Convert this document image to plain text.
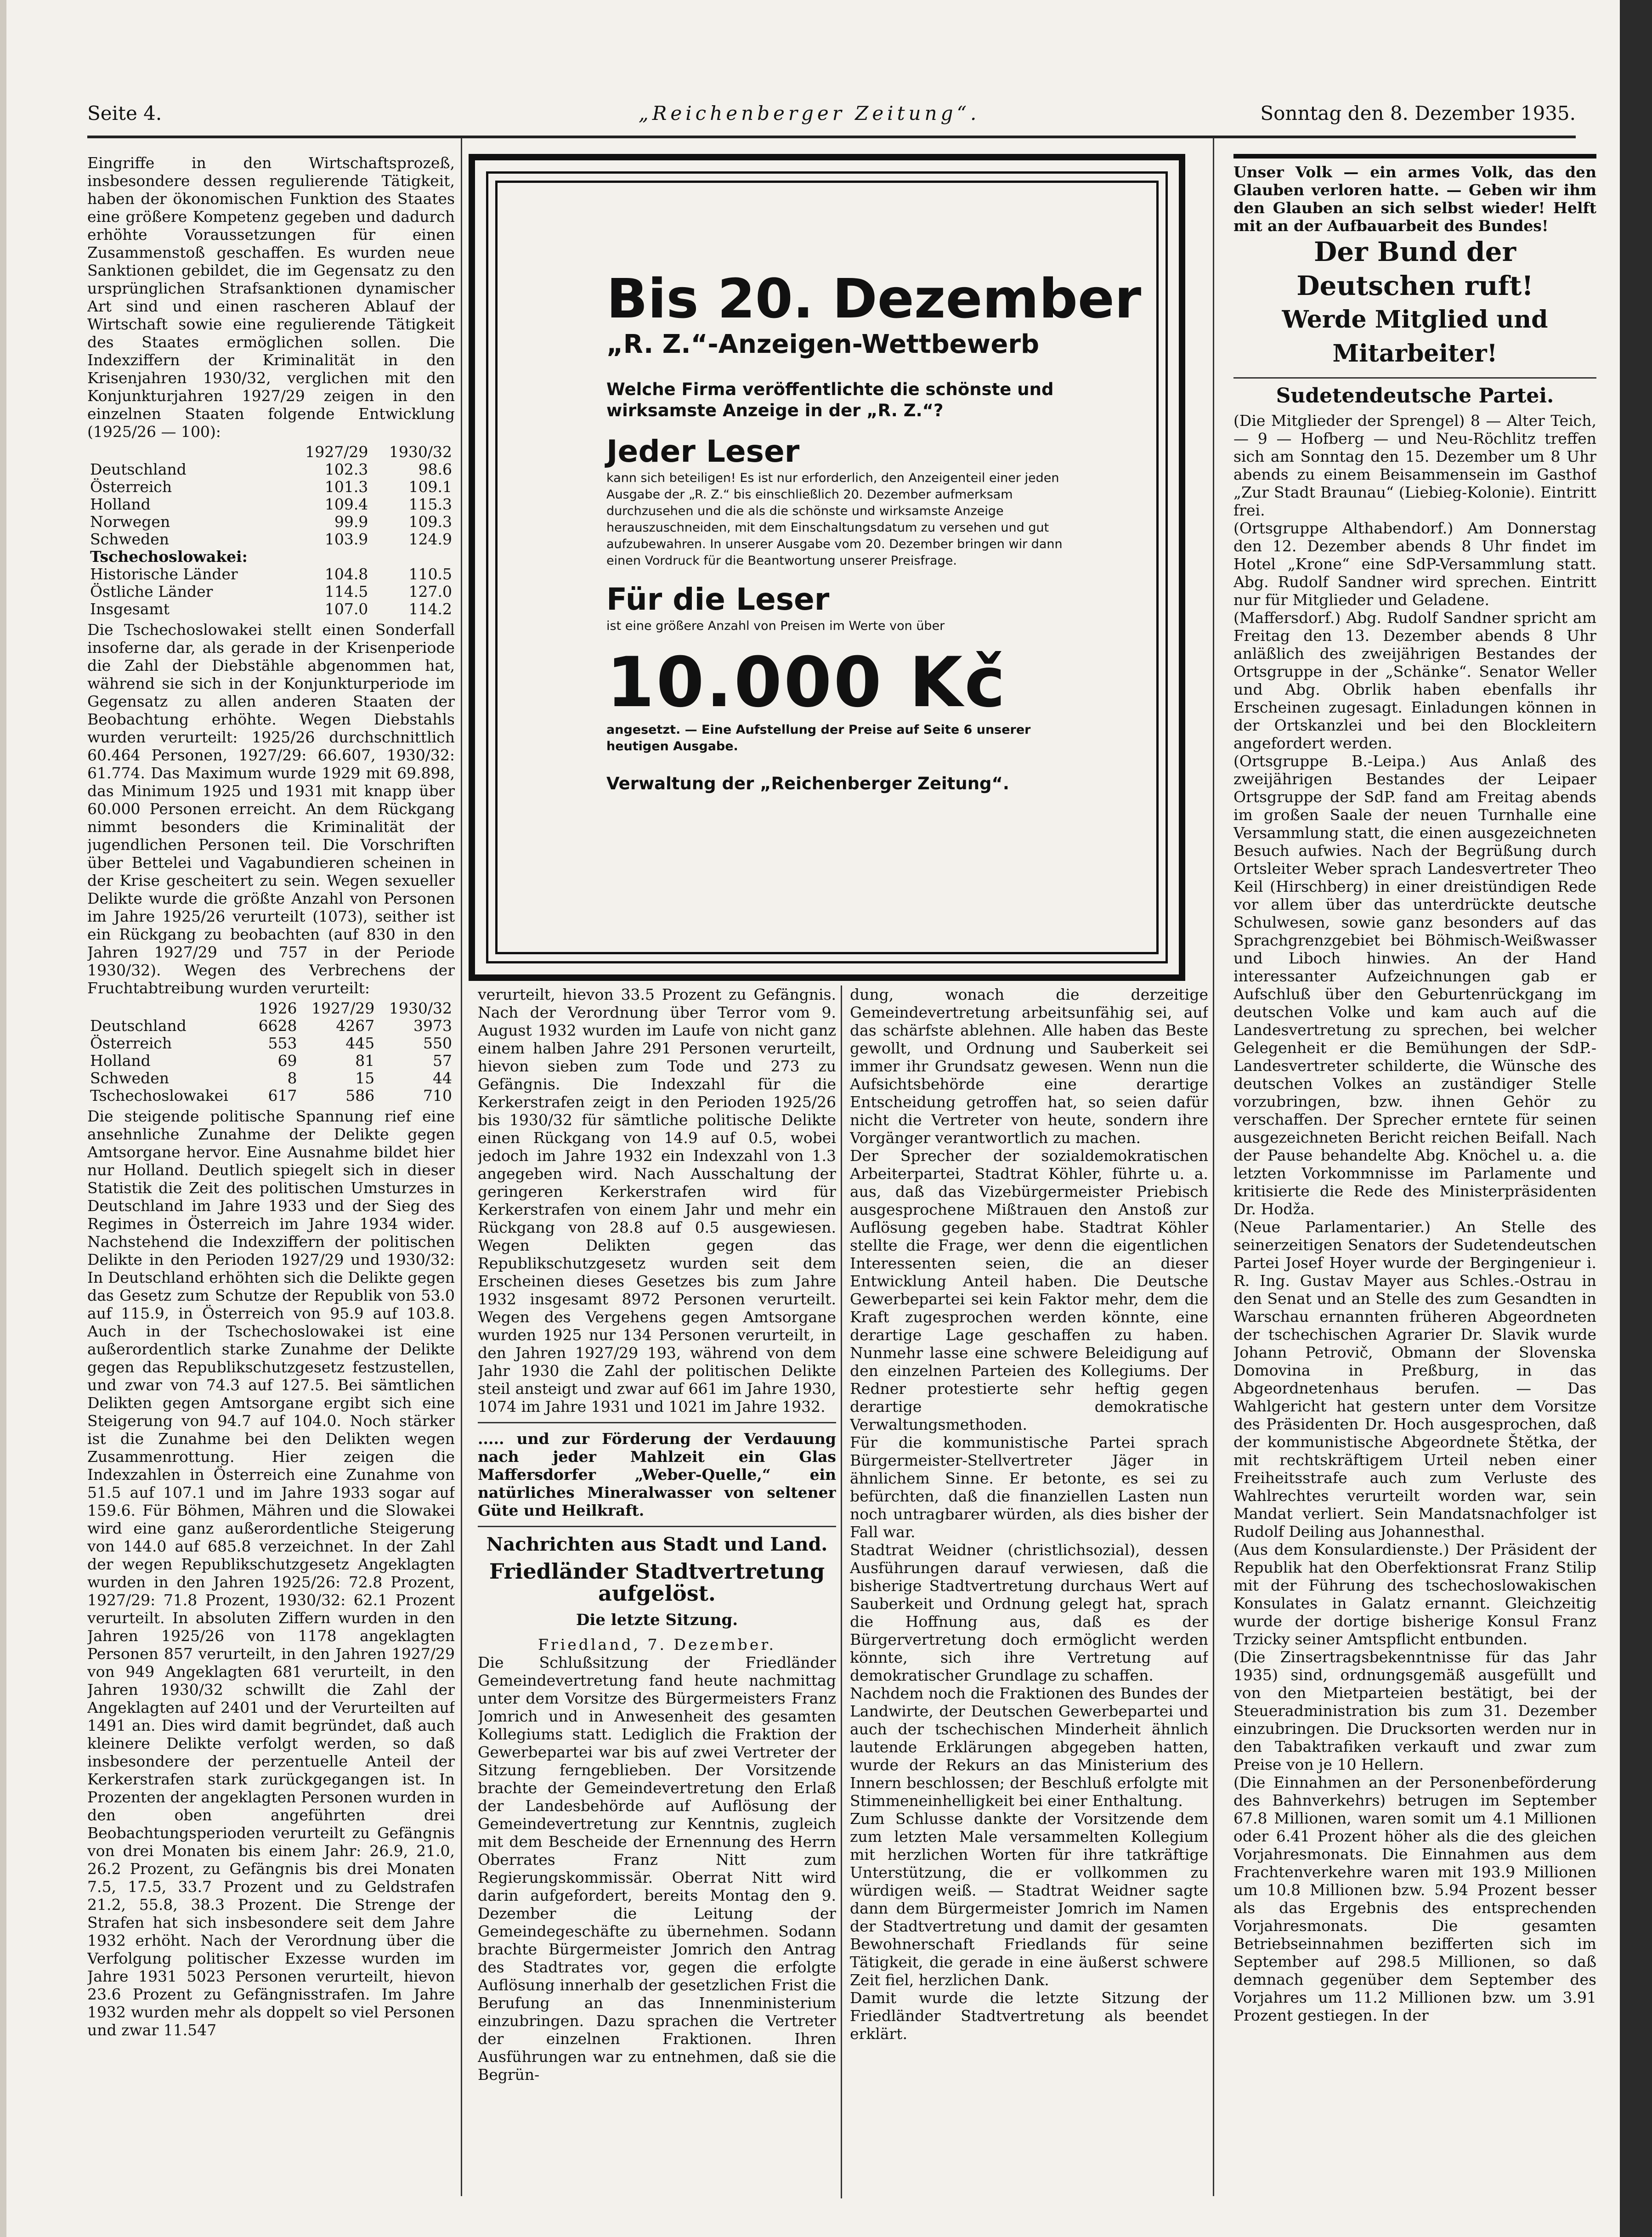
Seite 4.	„Reichenberger Zeitung“.	Sonntag den 8. Dezember 1935.

Eingriffe in den Wirtschaftsprozeß, insbesondere dessen regulierende Tätigkeit, haben der ökonomischen Funktion des Staates eine größere Kompetenz gegeben und dadurch erhöhte Voraussetzungen für einen Zusammenstoß geschaffen. Es wurden neue Sanktionen gebildet, die im Gegensatz zu den ursprünglichen Strafsanktionen dynamischer Art sind und einen rascheren Ablauf der Wirtschaft sowie eine regulierende Tätigkeit des Staates ermöglichen sollen. Die Indexziffern der Kriminalität in den Krisenjahren 1930/32, verglichen mit den Konjunkturjahren 1927/29 zeigen in den einzelnen Staaten folgende Entwicklung (1925/26 — 100):

	1927/29	1930/32
Deutschland	102.3	98.6
Österreich	101.3	109.1
Holland	109.4	115.3
Norwegen	99.9	109.3
Schweden	103.9	124.9
Tschechoslowakei:		
Historische Länder	104.8	110.5
Östliche Länder	114.5	127.0
Insgesamt	107.0	114.2

Die Tschechoslowakei stellt einen Sonderfall insoferne dar, als gerade in der Krisenperiode die Zahl der Diebstähle abgenommen hat, während sie sich in der Konjunkturperiode im Gegensatz zu allen anderen Staaten der Beobachtung erhöhte. Wegen Diebstahls wurden verurteilt: 1925/26 durchschnittlich 60.464 Personen, 1927/29: 66.607, 1930/32: 61.774. Das Maximum wurde 1929 mit 69.898, das Minimum 1925 und 1931 mit knapp über 60.000 Personen erreicht. An dem Rückgang nimmt besonders die Kriminalität der jugendlichen Personen teil. Die Vorschriften über Bettelei und Vagabundieren scheinen in der Krise gescheitert zu sein. Wegen sexueller Delikte wurde die größte Anzahl von Personen im Jahre 1925/26 verurteilt (1073), seither ist ein Rückgang zu beobachten (auf 830 in den Jahren 1927/29 und 757 in der Periode 1930/32). Wegen des Verbrechens der Fruchtabtreibung wurden verurteilt:

	1926	1927/29	1930/32
Deutschland	6628	4267	3973
Österreich	553	445	550
Holland	69	81	57
Schweden	8	15	44
Tschechoslowakei	617	586	710

Die steigende politische Spannung rief eine ansehnliche Zunahme der Delikte gegen Amtsorgane hervor. Eine Ausnahme bildet hier nur Holland. Deutlich spiegelt sich in dieser Statistik die Zeit des politischen Umsturzes in Deutschland im Jahre 1933 und der Sieg des Regimes in Österreich im Jahre 1934 wider. Nachstehend die Indexziffern der politischen Delikte in den Perioden 1927/29 und 1930/32: In Deutschland erhöhten sich die Delikte gegen das Gesetz zum Schutze der Republik von 53.0 auf 115.9, in Österreich von 95.9 auf 103.8. Auch in der Tschechoslowakei ist eine außerordentlich starke Zunahme der Delikte gegen das Republikschutzgesetz festzustellen, und zwar von 74.3 auf 127.5. Bei sämtlichen Delikten gegen Amtsorgane ergibt sich eine Steigerung von 94.7 auf 104.0. Noch stärker ist die Zunahme bei den Delikten wegen Zusammenrottung. Hier zeigen die Indexzahlen in Österreich eine Zunahme von 51.5 auf 107.1 und im Jahre 1933 sogar auf 159.6. Für Böhmen, Mähren und die Slowakei wird eine ganz außerordentliche Steigerung von 144.0 auf 685.8 verzeichnet. In der Zahl der wegen Republikschutzgesetz Angeklagten wurden in den Jahren 1925/26: 72.8 Prozent, 1927/29: 71.8 Prozent, 1930/32: 62.1 Prozent verurteilt. In absoluten Ziffern wurden in den Jahren 1925/26 von 1178 angeklagten Personen 857 verurteilt, in den Jahren 1927/29 von 949 Angeklagten 681 verurteilt, in den Jahren 1930/32 schwillt die Zahl der Angeklagten auf 2401 und der Verurteilten auf 1491 an. Dies wird damit begründet, daß auch kleinere Delikte verfolgt werden, so daß insbesondere der perzentuelle Anteil der Kerkerstrafen stark zurückgegangen ist. In Prozenten der angeklagten Personen wurden in den oben angeführten drei Beobachtungsperioden verurteilt zu Gefängnis von drei Monaten bis einem Jahr: 26.9, 21.0, 26.2 Prozent, zu Gefängnis bis drei Monaten 7.5, 17.5, 33.7 Prozent und zu Geldstrafen 21.2, 55.8, 38.3 Prozent. Die Strenge der Strafen hat sich insbesondere seit dem Jahre 1932 erhöht. Nach der Verordnung über die Verfolgung politischer Exzesse wurden im Jahre 1931 5023 Personen verurteilt, hievon 23.6 Prozent zu Gefängnisstrafen. Im Jahre 1932 wurden mehr als doppelt so viel Personen und zwar 11.547

Bis 20. Dezember
„R. Z.“-Anzeigen-Wettbewerb
Welche Firma veröffentlichte die schönste und wirksamste Anzeige in der „R. Z.“?
Jeder Leser
kann sich beteiligen! Es ist nur erforderlich, den Anzeigenteil einer jeden Ausgabe der „R. Z.“ bis einschließlich 20. Dezember aufmerksam durchzusehen und die als die schönste und wirksamste Anzeige herauszuschneiden, mit dem Einschaltungsdatum zu versehen und gut aufzubewahren. In unserer Ausgabe vom 20. Dezember bringen wir dann einen Vordruck für die Beantwortung unserer Preisfrage.
Für die Leser
ist eine größere Anzahl von Preisen im Werte von über
10.000 Kč
angesetzt. — Eine Aufstellung der Preise auf Seite 6 unserer heutigen Ausgabe.
Verwaltung der „Reichenberger Zeitung“.

verurteilt, hievon 33.5 Prozent zu Gefängnis. Nach der Verordnung über Terror vom 9. August 1932 wurden im Laufe von nicht ganz einem halben Jahre 291 Personen verurteilt, hievon sieben zum Tode und 273 zu Gefängnis. Die Indexzahl für die Kerkerstrafen zeigt in den Perioden 1925/26 bis 1930/32 für sämtliche politische Delikte einen Rückgang von 14.9 auf 0.5, wobei jedoch im Jahre 1932 ein Indexzahl von 1.3 angegeben wird. Nach Ausschaltung der geringeren Kerkerstrafen wird für Kerkerstrafen von einem Jahr und mehr ein Rückgang von 28.8 auf 0.5 ausgewiesen. Wegen Delikten gegen das Republikschutzgesetz wurden seit dem Erscheinen dieses Gesetzes bis zum Jahre 1932 insgesamt 8972 Personen verurteilt. Wegen des Vergehens gegen Amtsorgane wurden 1925 nur 134 Personen verurteilt, in den Jahren 1927/29 193, während von dem Jahr 1930 die Zahl der politischen Delikte steil ansteigt und zwar auf 661 im Jahre 1930, 1074 im Jahre 1931 und 1021 im Jahre 1932.

..... und zur Förderung der Verdauung nach jeder Mahlzeit ein Glas Maffersdorfer „Weber-Quelle,“ ein natürliches Mineralwasser von seltener Güte und Heilkraft.

Nachrichten aus Stadt und Land.
Friedländer Stadtvertretung aufgelöst.
Die letzte Sitzung.

Friedland, 7. Dezember.

Die Schlußsitzung der Friedländer Gemeindevertretung fand heute nachmittag unter dem Vorsitze des Bürgermeisters Franz Jomrich und in Anwesenheit des gesamten Kollegiums statt. Lediglich die Fraktion der Gewerbepartei war bis auf zwei Vertreter der Sitzung ferngeblieben. Der Vorsitzende brachte der Gemeindevertretung den Erlaß der Landesbehörde auf Auflösung der Gemeindevertretung zur Kenntnis, zugleich mit dem Bescheide der Ernennung des Herrn Oberrates Franz Nitt zum Regierungskommissär. Oberrat Nitt wird darin aufgefordert, bereits Montag den 9. Dezember die Leitung der Gemeindegeschäfte zu übernehmen. Sodann brachte Bürgermeister Jomrich den Antrag des Stadtrates vor, gegen die erfolgte Auflösung innerhalb der gesetzlichen Frist die Berufung an das Innenministerium einzubringen. Dazu sprachen die Vertreter der einzelnen Fraktionen. Ihren Ausführungen war zu entnehmen, daß sie die Begrün-

dung, wonach die derzeitige Gemeindevertretung arbeitsunfähig sei, auf das schärfste ablehnen. Alle haben das Beste gewollt, und Ordnung und Sauberkeit sei immer ihr Grundsatz gewesen. Wenn nun die Aufsichtsbehörde eine derartige Entscheidung getroffen hat, so seien dafür nicht die Vertreter von heute, sondern ihre Vorgänger verantwortlich zu machen.

Der Sprecher der sozialdemokratischen Arbeiterpartei, Stadtrat Köhler, führte u. a. aus, daß das Vizebürgermeister Priebisch ausgesprochene Mißtrauen den Anstoß zur Auflösung gegeben habe. Stadtrat Köhler stellte die Frage, wer denn die eigentlichen Interessenten seien, die an dieser Entwicklung Anteil haben. Die Deutsche Gewerbepartei sei kein Faktor mehr, dem die Kraft zugesprochen werden könnte, eine derartige Lage geschaffen zu haben. Nunmehr lasse eine schwere Beleidigung auf den einzelnen Parteien des Kollegiums. Der Redner protestierte sehr heftig gegen derartige demokratische Verwaltungsmethoden.

Für die kommunistische Partei sprach Bürgermeister-Stellvertreter Jäger in ähnlichem Sinne. Er betonte, es sei zu befürchten, daß die finanziellen Lasten nun noch untragbarer würden, als dies bisher der Fall war.

Stadtrat Weidner (christlichsozial), dessen Ausführungen darauf verwiesen, daß die bisherige Stadtvertretung durchaus Wert auf Sauberkeit und Ordnung gelegt hat, sprach die Hoffnung aus, daß es der Bürgervertretung doch ermöglicht werden könnte, sich ihre Vertretung auf demokratischer Grundlage zu schaffen.

Nachdem noch die Fraktionen des Bundes der Landwirte, der Deutschen Gewerbepartei und auch der tschechischen Minderheit ähnlich lautende Erklärungen abgegeben hatten, wurde der Rekurs an das Ministerium des Innern beschlossen; der Beschluß erfolgte mit Stimmeneinhelligkeit bei einer Enthaltung.

Zum Schlusse dankte der Vorsitzende dem zum letzten Male versammelten Kollegium mit herzlichen Worten für ihre tatkräftige Unterstützung, die er vollkommen zu würdigen weiß. — Stadtrat Weidner sagte dann dem Bürgermeister Jomrich im Namen der Stadtvertretung und damit der gesamten Bewohnerschaft Friedlands für seine Tätigkeit, die gerade in eine äußerst schwere Zeit fiel, herzlichen Dank.

Damit wurde die letzte Sitzung der Friedländer Stadtvertretung als beendet erklärt.

Unser Volk — ein armes Volk, das den Glauben verloren hatte. — Geben wir ihm den Glauben an sich selbst wieder! Helft mit an der Aufbauarbeit des Bundes!

Der Bund der Deutschen ruft!
Werde Mitglied und Mitarbeiter!
Sudetendeutsche Partei.

(Die Mitglieder der Sprengel) 8 — Alter Teich, — 9 — Hofberg — und Neu-Röchlitz treffen sich am Sonntag den 15. Dezember um 8 Uhr abends zu einem Beisammensein im Gasthof „Zur Stadt Braunau“ (Liebieg-Kolonie). Eintritt frei.

(Ortsgruppe Althabendorf.) Am Donnerstag den 12. Dezember abends 8 Uhr findet im Hotel „Krone“ eine SdP-Versammlung statt. Abg. Rudolf Sandner wird sprechen. Eintritt nur für Mitglieder und Geladene.

(Maffersdorf.) Abg. Rudolf Sandner spricht am Freitag den 13. Dezember abends 8 Uhr anläßlich des zweijährigen Bestandes der Ortsgruppe in der „Schänke“. Senator Weller und Abg. Obrlik haben ebenfalls ihr Erscheinen zugesagt. Einladungen können in der Ortskanzlei und bei den Blockleitern angefordert werden.

(Ortsgruppe B.-Leipa.) Aus Anlaß des zweijährigen Bestandes der Leipaer Ortsgruppe der SdP. fand am Freitag abends im großen Saale der neuen Turnhalle eine Versammlung statt, die einen ausgezeichneten Besuch aufwies. Nach der Begrüßung durch Ortsleiter Weber sprach Landesvertreter Theo Keil (Hirschberg) in einer dreistündigen Rede vor allem über das unterdrückte deutsche Schulwesen, sowie ganz besonders auf das Sprachgrenzgebiet bei Böhmisch-Weißwasser und Liboch hinwies. An der Hand interessanter Aufzeichnungen gab er Aufschluß über den Geburtenrückgang im deutschen Volke und kam auch auf die Landesvertretung zu sprechen, bei welcher Gelegenheit er die Bemühungen der SdP.-Landesvertreter schilderte, die Wünsche des deutschen Volkes an zuständiger Stelle vorzubringen, bzw. ihnen Gehör zu verschaffen. Der Sprecher erntete für seinen ausgezeichneten Bericht reichen Beifall. Nach der Pause behandelte Abg. Knöchel u. a. die letzten Vorkommnisse im Parlamente und kritisierte die Rede des Ministerpräsidenten Dr. Hodža.

(Neue Parlamentarier.) An Stelle des seinerzeitigen Senators der Sudetendeutschen Partei Josef Hoyer wurde der Bergingenieur i. R. Ing. Gustav Mayer aus Schles.-Ostrau in den Senat und an Stelle des zum Gesandten in Warschau ernannten früheren Abgeordneten der tschechischen Agrarier Dr. Slavik wurde Johann Petrovič, Obmann der Slovenska Domovina in Preßburg, in das Abgeordnetenhaus berufen. — Das Wahlgericht hat gestern unter dem Vorsitze des Präsidenten Dr. Hoch ausgesprochen, daß der kommunistische Abgeordnete Štětka, der mit rechtskräftigem Urteil neben einer Freiheitsstrafe auch zum Verluste des Wahlrechtes verurteilt worden war, sein Mandat verliert. Sein Mandatsnachfolger ist Rudolf Deiling aus Johannesthal.

(Aus dem Konsulardienste.) Der Präsident der Republik hat den Oberfektionsrat Franz Stilip mit der Führung des tschechoslowakischen Konsulates in Galatz ernannt. Gleichzeitig wurde der dortige bisherige Konsul Franz Trzicky seiner Amtspflicht entbunden.

(Die Zinsertragsbekenntnisse für das Jahr 1935) sind, ordnungsgemäß ausgefüllt und von den Mietparteien bestätigt, bei der Steueradministration bis zum 31. Dezember einzubringen. Die Drucksorten werden nur in den Tabaktrafiken verkauft und zwar zum Preise von je 10 Hellern.

(Die Einnahmen an der Personenbeförderung des Bahnverkehrs) betrugen im September 67.8 Millionen, waren somit um 4.1 Millionen oder 6.41 Prozent höher als die des gleichen Vorjahresmonats. Die Einnahmen aus dem Frachtenverkehre waren mit 193.9 Millionen um 10.8 Millionen bzw. 5.94 Prozent besser als das Ergebnis des entsprechenden Vorjahresmonats. Die gesamten Betriebseinnahmen bezifferten sich im September auf 298.5 Millionen, so daß demnach gegenüber dem September des Vorjahres um 11.2 Millionen bzw. um 3.91 Prozent gestiegen. In der
